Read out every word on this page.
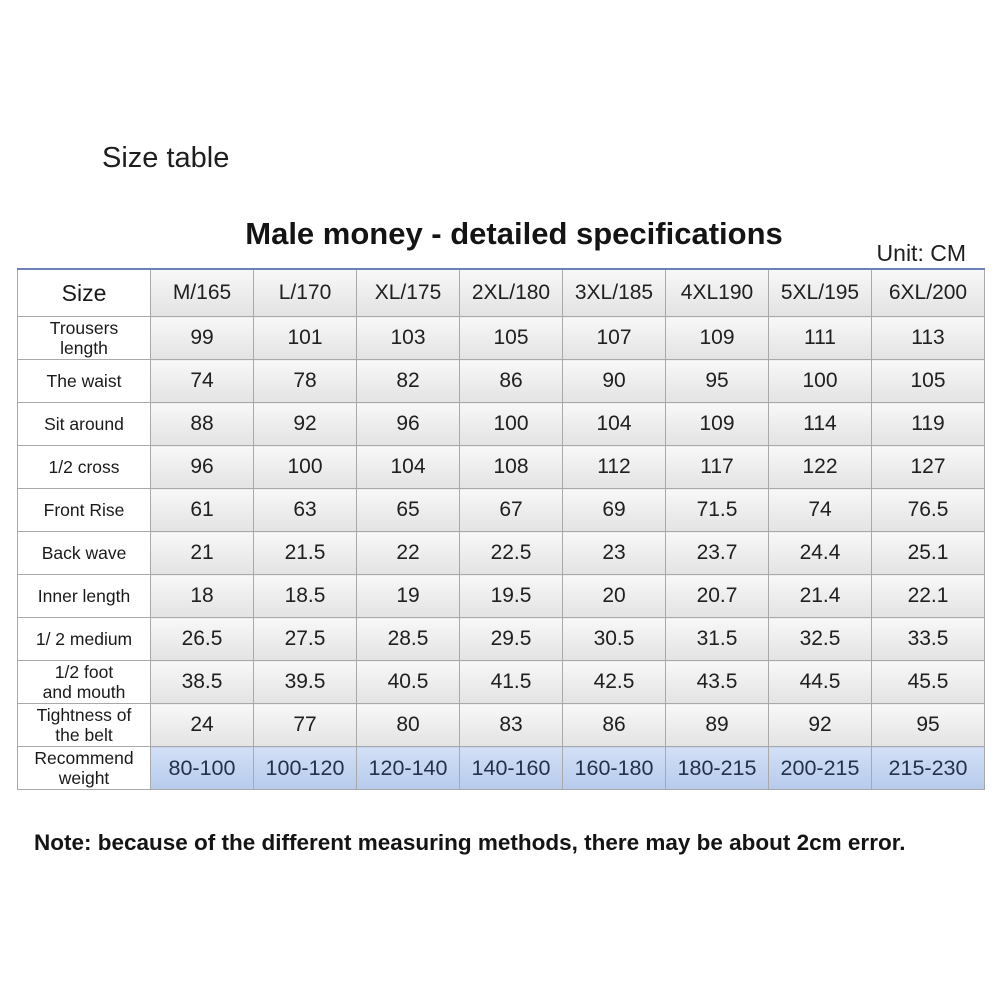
Size table
Male money - detailed specifications
Unit: CM
Size	M/165	L/170	XL/175	2XL/180	3XL/185	4XL190	5XL/195	6XL/200

Trousers
length	99	101	103	105	107	109	111	113

The waist	74	78	82	86	90	95	100	105

Sit around	88	92	96	100	104	109	114	119

1/2 cross	96	100	104	108	112	117	122	127

Front Rise	61	63	65	67	69	71.5	74	76.5

Back wave	21	21.5	22	22.5	23	23.7	24.4	25.1

Inner length	18	18.5	19	19.5	20	20.7	21.4	22.1

1/ 2 medium	26.5	27.5	28.5	29.5	30.5	31.5	32.5	33.5

1/2 foot
and mouth	38.5	39.5	40.5	41.5	42.5	43.5	44.5	45.5

Tightness of
the belt	24	77	80	83	86	89	92	95

Recommend
weight	80-100	100-120	120-140	140-160	160-180	180-215	200-215	215-230
Note: because of the different measuring methods, there may be about 2cm error.
